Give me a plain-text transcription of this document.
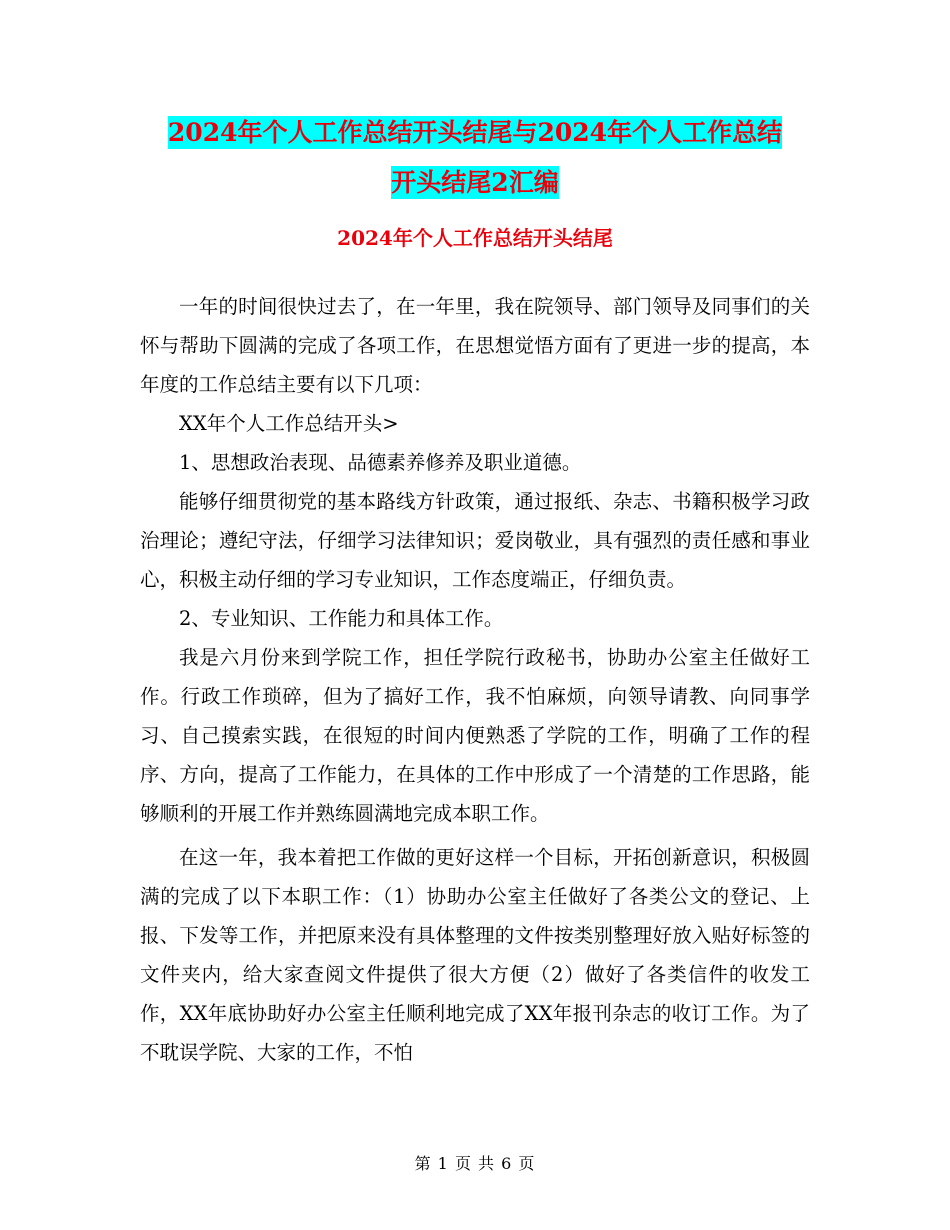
2024年个人工作总结开头结尾与2024年个人工作总结
开头结尾2汇编
2024年个人工作总结开头结尾

一年的时间很快过去了，在一年里，我在院领导、部门领导及同事们的关怀与帮助下圆满的完成了各项工作，在思想觉悟方面有了更进一步的提高，本年度的工作总结主要有以下几项：

XX年个人工作总结开头>

1、思想政治表现、品德素养修养及职业道德。

能够仔细贯彻党的基本路线方针政策，通过报纸、杂志、书籍积极学习政治理论；遵纪守法，仔细学习法律知识；爱岗敬业，具有强烈的责任感和事业心，积极主动仔细的学习专业知识，工作态度端正，仔细负责。

2、专业知识、工作能力和具体工作。

我是六月份来到学院工作，担任学院行政秘书，协助办公室主任做好工作。行政工作琐碎，但为了搞好工作，我不怕麻烦，向领导请教、向同事学习、自己摸索实践，在很短的时间内便熟悉了学院的工作，明确了工作的程序、方向，提高了工作能力，在具体的工作中形成了一个清楚的工作思路，能够顺利的开展工作并熟练圆满地完成本职工作。

在这一年，我本着把工作做的更好这样一个目标，开拓创新意识，积极圆满的完成了以下本职工作：（1）协助办公室主任做好了各类公文的登记、上报、下发等工作，并把原来没有具体整理的文件按类别整理好放入贴好标签的文件夹内，给大家查阅文件提供了很大方便（2）做好了各类信件的收发工作，XX年底协助好办公室主任顺利地完成了XX年报刊杂志的收订工作。为了不耽误学院、大家的工作，不怕

第 1 页 共 6 页
